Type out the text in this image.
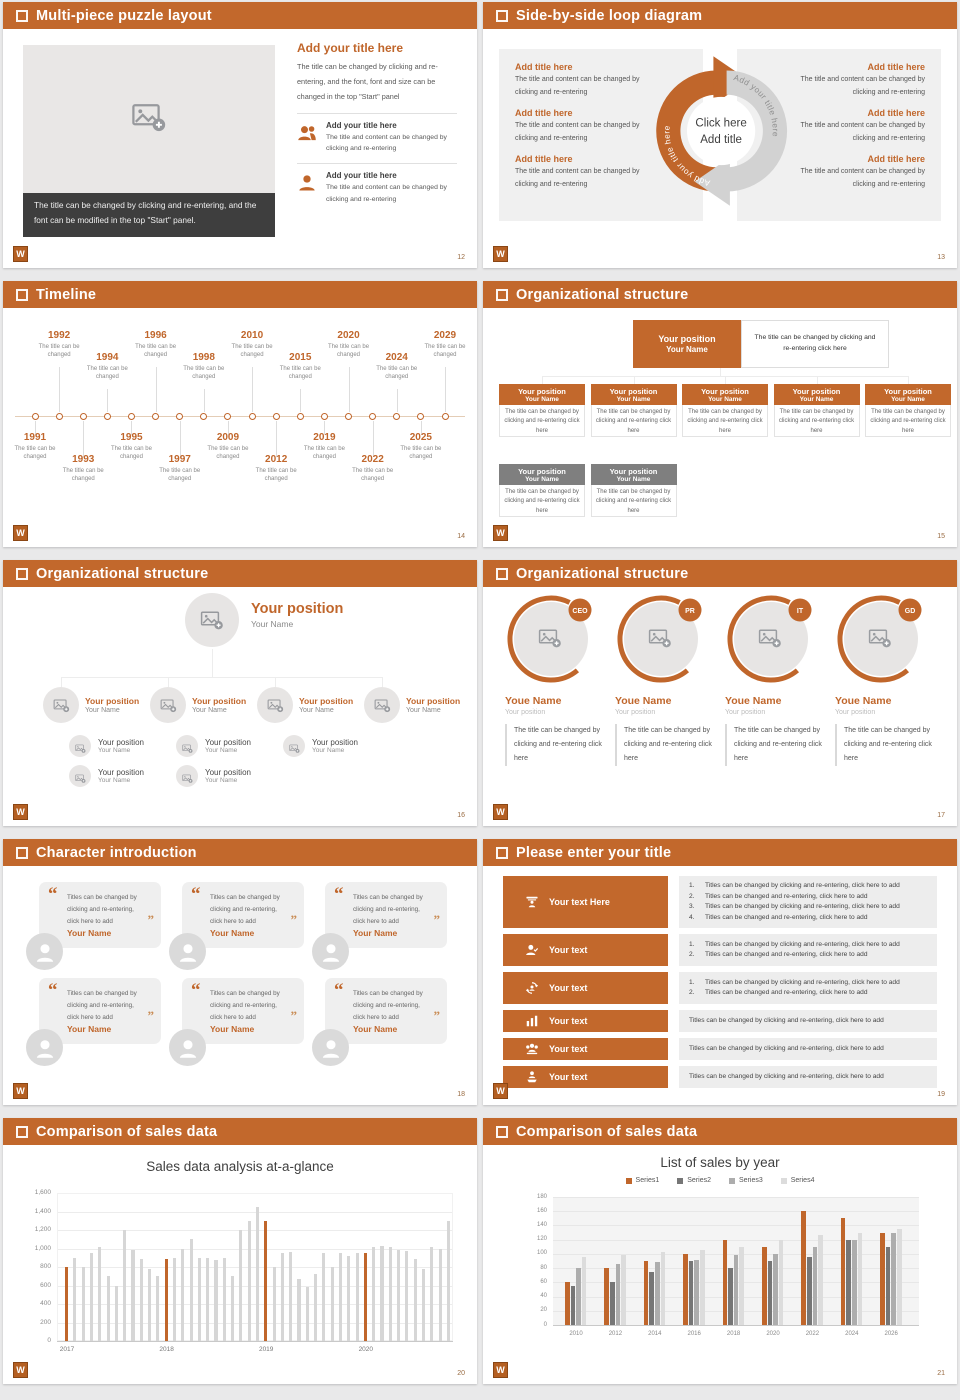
Multi-piece puzzle layout
The title can be changed by clicking and re-entering, and the font can be modified in the top "Start" panel.
Add your title here
The title can be changed by clicking and re-entering, and the font, font and size can be changed in the top "Start" panel
Add your title here
The title and content can be changed by clicking and re-entering
Add your title here
The title and content can be changed by clicking and re-entering
W	12
Side-by-side loop diagram
Add title here
The title and content can be changed by clicking and re-entering
Add title here
The title and content can be changed by clicking and re-entering
Add title here
The title and content can be changed by clicking and re-entering
Add title here
The title and content can be changed by clicking and re-entering
Add title here
The title and content can be changed by clicking and re-entering
Add title here
The title and content can be changed by clicking and re-entering
Click here
Add title
Add your title here
Add your title here
W	13
Timeline
1991
The title can be changed
1992
The title can be changed
1993
The title can be changed
1994
The title can be changed
1995
The title can be changed
1996
The title can be changed
1997
The title can be changed
1998
The title can be changed
2009
The title can be changed
2010
The title can be changed
2012
The title can be changed
2015
The title can be changed
2019
The title can be changed
2020
The title can be changed
2022
The title can be changed
2024
The title can be changed
2025
The title can be changed
2029
The title can be changed
W	14
Organizational structure
Your position
Your Name
The title can be changed by clicking and re-entering click here
Your position
Your Name
The title can be changed by clicking and re-entering click here
Your position
Your Name
The title can be changed by clicking and re-entering click here
Your position
Your Name
The title can be changed by clicking and re-entering click here
Your position
Your Name
The title can be changed by clicking and re-entering click here
Your position
Your Name
The title can be changed by clicking and re-entering click here
Your position
Your Name
The title can be changed by clicking and re-entering click here
Your position
Your Name
The title can be changed by clicking and re-entering click here
W	15
Organizational structure
Your position
Your Name
Your position
Your Name
Your position
Your Name
Your position
Your Name
Your position
Your Name
Your position
Your Name
Your position
Your Name
Your position
Your Name
Your position
Your Name
Your position
Your Name
W	16
Organizational structure
CEO
Youe Name
Your position
The title can be changed by clicking and re-entering click here
PR
Youe Name
Your position
The title can be changed by clicking and re-entering click here
IT
Youe Name
Your position
The title can be changed by clicking and re-entering click here
GD
Youe Name
Your position
The title can be changed by clicking and re-entering click here
W	17
Character introduction
“
”
Titles can be changed by clicking and re-entering, click here to add
Your Name
“
”
Titles can be changed by clicking and re-entering, click here to add
Your Name
“
”
Titles can be changed by clicking and re-entering, click here to add
Your Name
“
”
Titles can be changed by clicking and re-entering, click here to add
Your Name
“
”
Titles can be changed by clicking and re-entering, click here to add
Your Name
“
”
Titles can be changed by clicking and re-entering, click here to add
Your Name
W	18
Please enter your title
Your text Here
1.	Titles can be changed by clicking and re-entering, click here to add
2.	Titles can be changed and re-entering, click here to add
3.	Titles can be changed by clicking and re-entering, click here to add
4.	Titles can be changed and re-entering, click here to add
Your text
1.	Titles can be changed by clicking and re-entering, click here to add
2.	Titles can be changed and re-entering, click here to add
Your text
1.	Titles can be changed by clicking and re-entering, click here to add
2.	Titles can be changed and re-entering, click here to add
Your text	Titles can be changed by clicking and re-entering, click here to add
Your text	Titles can be changed by clicking and re-entering, click here to add
Your text	Titles can be changed by clicking and re-entering, click here to add
W	19
Comparison of sales data
Sales data analysis at-a-glance
0
200
400
600
800
1,000
1,200
1,400
1,600
2017	2018	2019	2020
W	20
Comparison of sales data
List of sales by year
Series1	Series2	Series3	Series4
0
20
40
60
80
100
120
140
160
180
2010	2012	2014	2016	2018	2020	2022	2024	2026
W	21
